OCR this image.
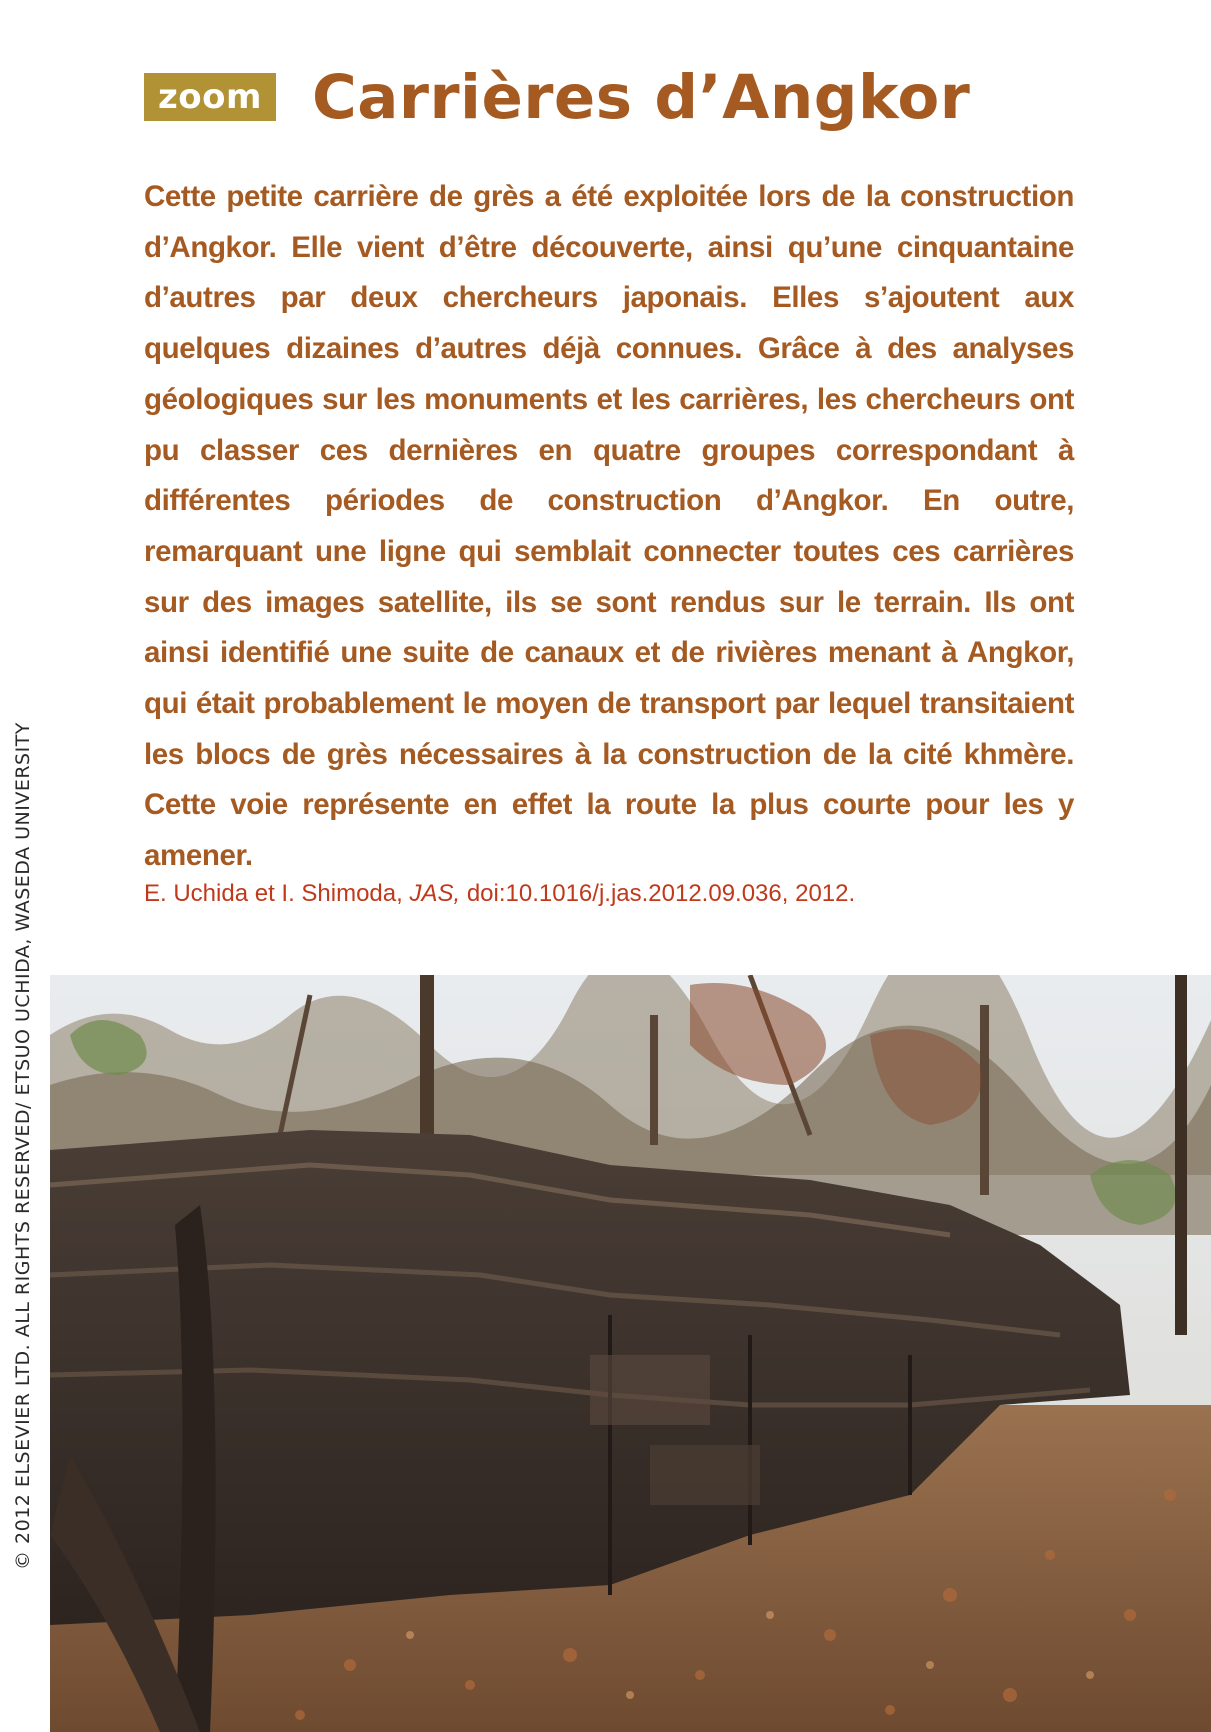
© 2012 ELSEVIER LTD. ALL RIGHTS RESERVED/ ETSUO UCHIDA, WASEDA UNIVERSITY
zoom Carrières d’Angkor

Cette petite carrière de grès a été exploitée lors de la construction d’Angkor. Elle vient d’être découverte, ainsi qu’une cinquantaine d’autres par deux chercheurs japonais. Elles s’ajoutent aux quelques dizaines d’autres déjà connues. Grâce à des analyses géologiques sur les monuments et les carrières, les chercheurs ont pu classer ces dernières en quatre groupes correspondant à différentes périodes de construction d’Angkor. En outre, remarquant une ligne qui semblait connecter toutes ces carrières sur des images satellite, ils se sont rendus sur le terrain. Ils ont ainsi identifié une suite de canaux et de rivières menant à Angkor, qui était probablement le moyen de transport par lequel transitaient les blocs de grès nécessaires à la construction de la cité khmère. Cette voie représente en effet la route la plus courte pour les y amener.

E. Uchida et I. Shimoda, JAS, doi:10.1016/j.jas.2012.09.036, 2012.
